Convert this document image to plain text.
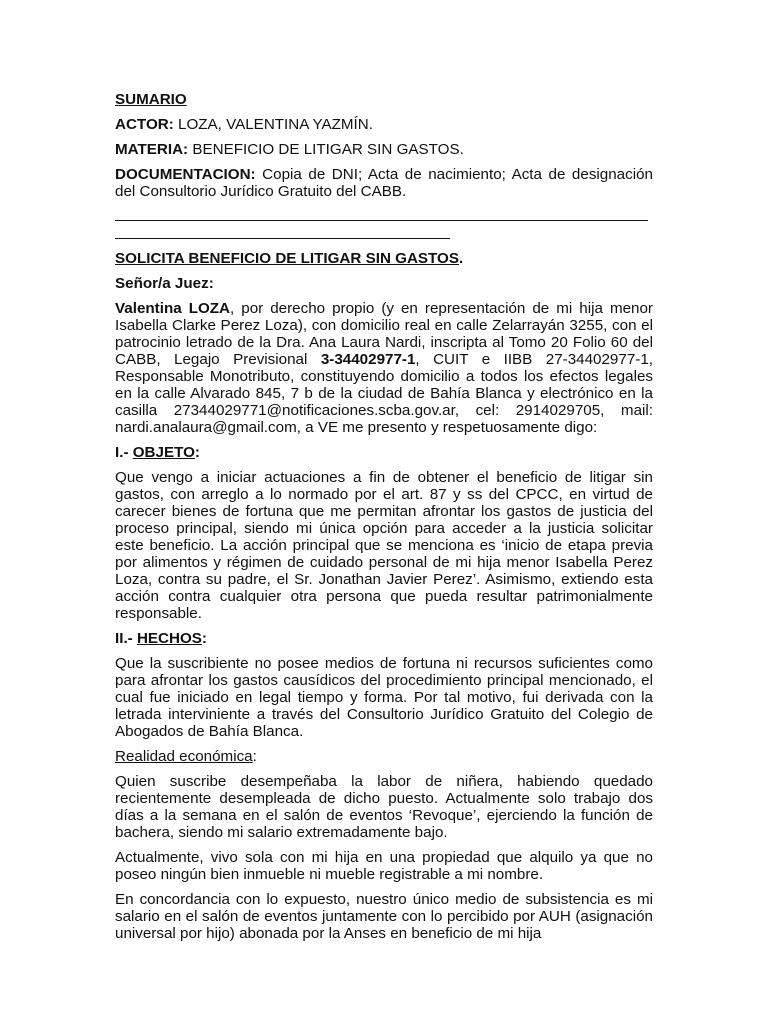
SUMARIO

ACTOR: LOZA, VALENTINA YAZMÍN.

MATERIA: BENEFICIO DE LITIGAR SIN GASTOS.

DOCUMENTACION: Copia de DNI; Acta de nacimiento; Acta de designación del Consultorio Jurídico Gratuito del CABB.

SOLICITA BENEFICIO DE LITIGAR SIN GASTOS.

Señor/a Juez:

Valentina LOZA, por derecho propio (y en representación de mi hija menor Isabella Clarke Perez Loza), con domicilio real en calle Zelarrayán 3255, con el patrocinio letrado de la Dra. Ana Laura Nardi, inscripta al Tomo 20 Folio 60 del CABB, Legajo Previsional 3-34402977-1, CUIT e IIBB 27-34402977-1, Responsable Monotributo, constituyendo domicilio a todos los efectos legales en la calle Alvarado 845, 7 b de la ciudad de Bahía Blanca y electrónico en la casilla 27344029771@notificaciones.scba.gov.ar, cel: 2914029705, mail: nardi.analaura@gmail.com, a VE me presento y respetuosamente digo:

I.- OBJETO:

Que vengo a iniciar actuaciones a fin de obtener el beneficio de litigar sin gastos, con arreglo a lo normado por el art. 87 y ss del CPCC, en virtud de carecer bienes de fortuna que me permitan afrontar los gastos de justicia del proceso principal, siendo mi única opción para acceder a la justicia solicitar este beneficio. La acción principal que se menciona es ‘inicio de etapa previa por alimentos y régimen de cuidado personal de mi hija menor Isabella Perez Loza, contra su padre, el Sr. Jonathan Javier Perez’. Asimismo, extiendo esta acción contra cualquier otra persona que pueda resultar patrimonialmente responsable.

II.- HECHOS:

Que la suscribiente no posee medios de fortuna ni recursos suficientes como para afrontar los gastos causídicos del procedimiento principal mencionado, el cual fue iniciado en legal tiempo y forma. Por tal motivo, fui derivada con la letrada interviniente a través del Consultorio Jurídico Gratuito del Colegio de Abogados de Bahía Blanca.

Realidad económica:

Quien suscribe desempeñaba la labor de niñera, habiendo quedado recientemente desempleada de dicho puesto. Actualmente solo trabajo dos días a la semana en el salón de eventos ‘Revoque’, ejerciendo la función de bachera, siendo mi salario extremadamente bajo.

Actualmente, vivo sola con mi hija en una propiedad que alquilo ya que no poseo ningún bien inmueble ni mueble registrable a mi nombre.

En concordancia con lo expuesto, nuestro único medio de subsistencia es mi salario en el salón de eventos juntamente con lo percibido por AUH (asignación universal por hijo) abonada por la Anses en beneficio de mi hija
